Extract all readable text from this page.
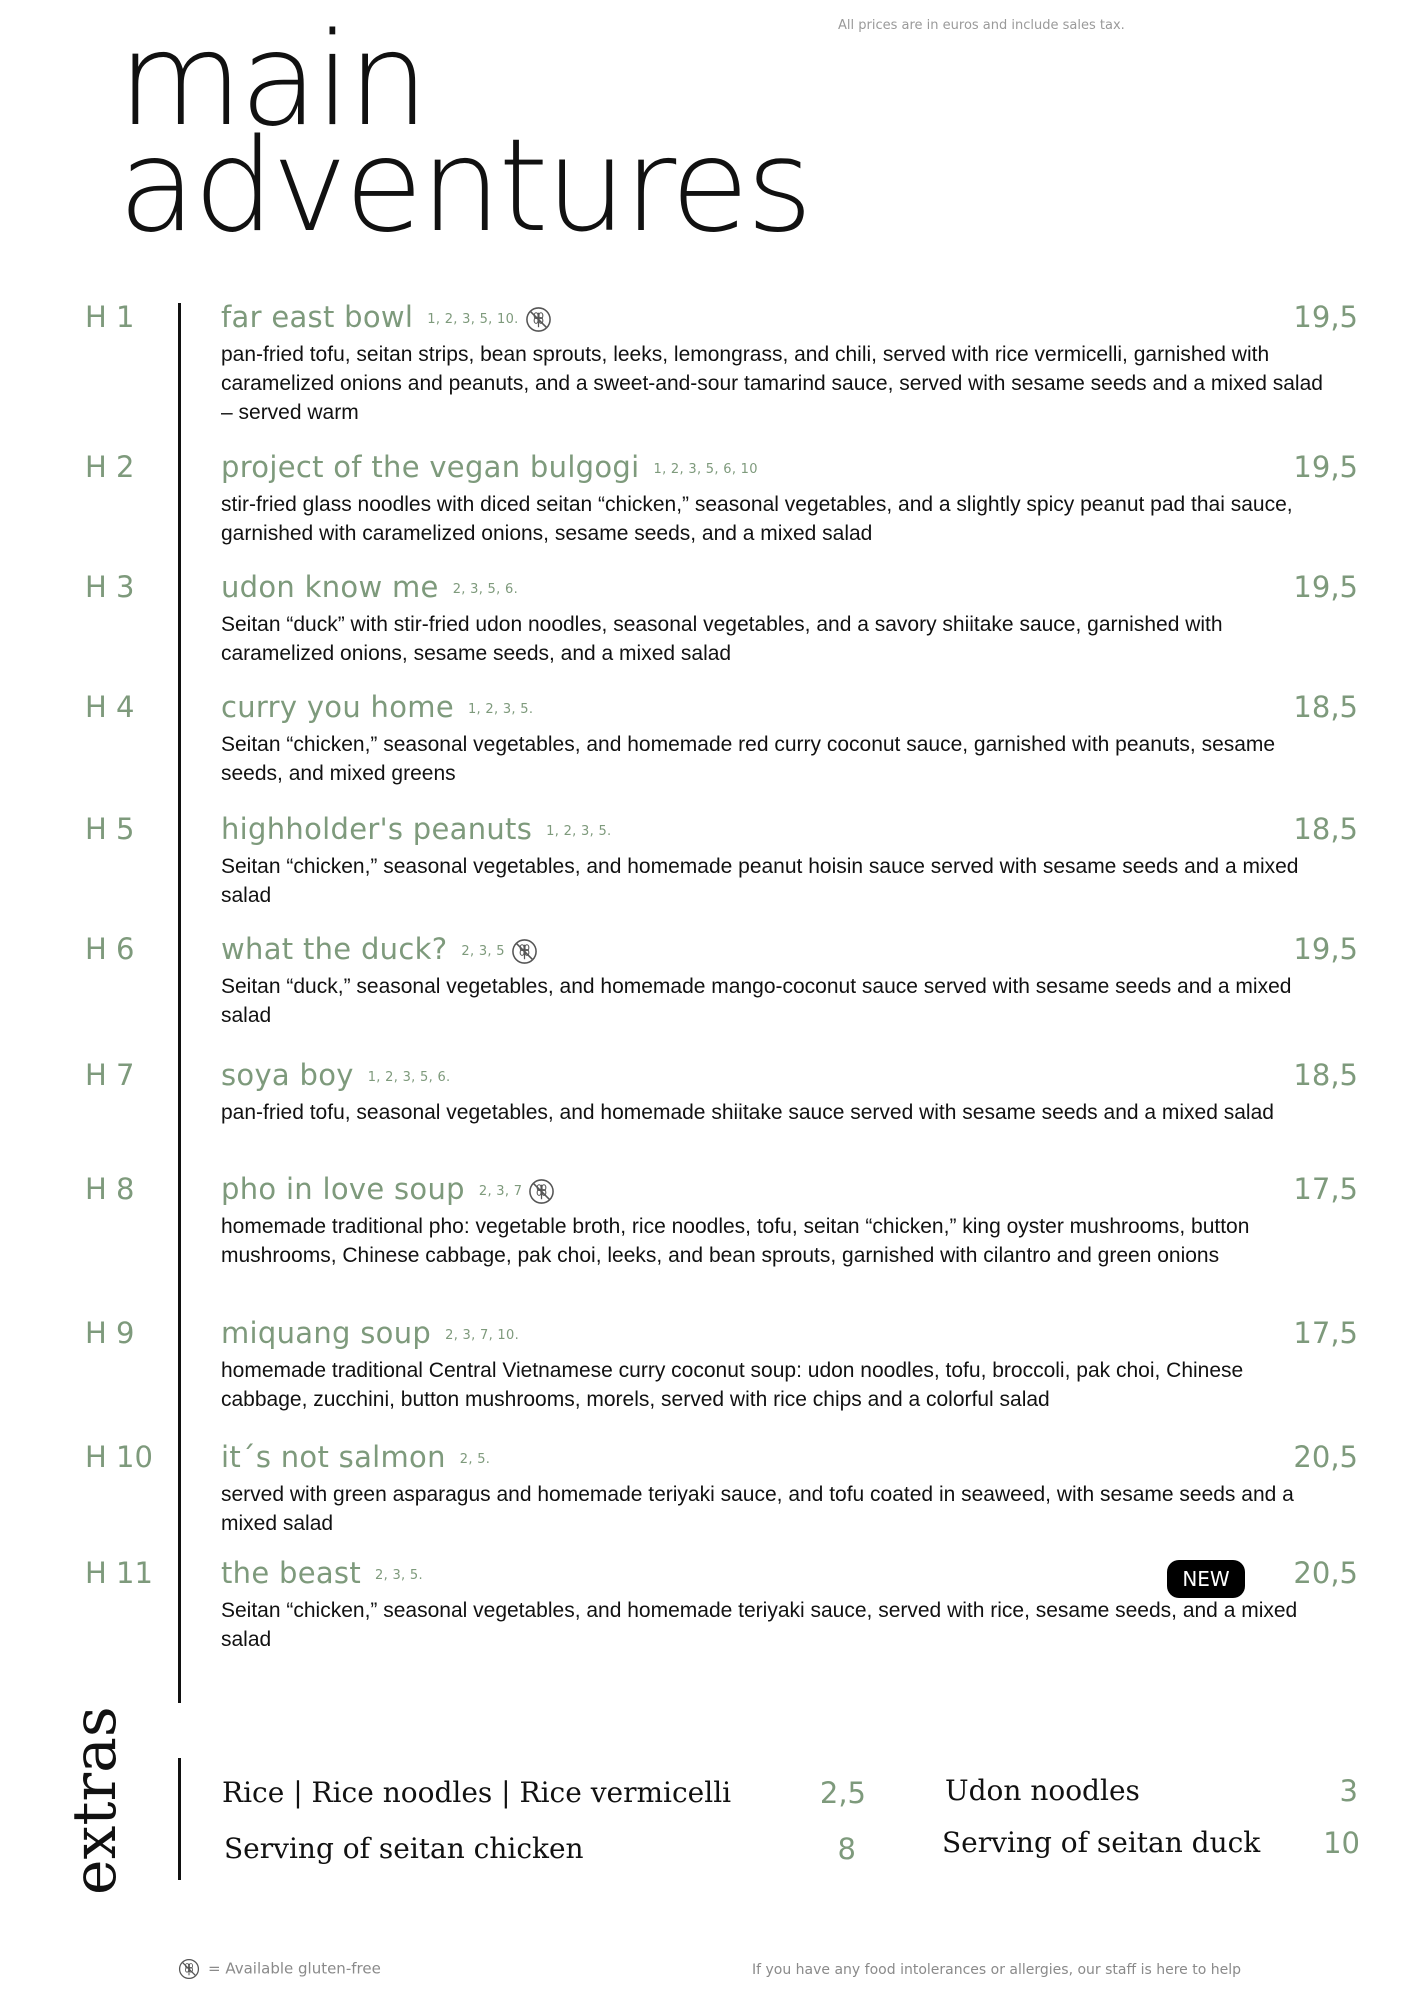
All prices are in euros and include sales tax.
main
adventures
H 1	far east bowl 1, 2, 3, 5, 10.	19,5
pan-fried tofu, seitan strips, bean sprouts, leeks, lemongrass, and chili, served with rice vermicelli, garnished with caramelized onions and peanuts, and a sweet-and-sour tamarind sauce, served with sesame seeds and a mixed salad – served warm
H 2	project of the vegan bulgogi 1, 2, 3, 5, 6, 10	19,5
stir-fried glass noodles with diced seitan “chicken,” seasonal vegetables, and a slightly spicy peanut pad thai sauce, garnished with caramelized onions, sesame seeds, and a mixed salad
H 3	udon know me 2, 3, 5, 6.	19,5
Seitan “duck” with stir-fried udon noodles, seasonal vegetables, and a savory shiitake sauce, garnished with caramelized onions, sesame seeds, and a mixed salad
H 4	curry you home 1, 2, 3, 5.	18,5
Seitan “chicken,” seasonal vegetables, and homemade red curry coconut sauce, garnished with peanuts, sesame seeds, and mixed greens
H 5	highholder's peanuts 1, 2, 3, 5.	18,5
Seitan “chicken,” seasonal vegetables, and homemade peanut hoisin sauce served with sesame seeds and a mixed salad
H 6	what the duck? 2, 3, 5	19,5
Seitan “duck,” seasonal vegetables, and homemade mango-coconut sauce served with sesame seeds and a mixed salad
H 7	soya boy 1, 2, 3, 5, 6.	18,5
pan-fried tofu, seasonal vegetables, and homemade shiitake sauce served with sesame seeds and a mixed salad
H 8	pho in love soup 2, 3, 7	17,5
homemade traditional pho: vegetable broth, rice noodles, tofu, seitan “chicken,” king oyster mushrooms, button mushrooms, Chinese cabbage, pak choi, leeks, and bean sprouts, garnished with cilantro and green onions
H 9	miquang soup 2, 3, 7, 10.	17,5
homemade traditional Central Vietnamese curry coconut soup: udon noodles, tofu, broccoli, pak choi, Chinese cabbage, zucchini, button mushrooms, morels, served with rice chips and a colorful salad
H 10 it´s not salmon 2, 5.	20,5
served with green asparagus and homemade teriyaki sauce, and tofu coated in seaweed, with sesame seeds and a mixed salad
H 11 the beast 2, 3, 5.	NEW	20,5
Seitan “chicken,” seasonal vegetables, and homemade teriyaki sauce, served with rice, sesame seeds, and a mixed salad
extras	Rice | Rice noodles | Rice vermicelli	2,5
Serving of seitan chicken	8
Udon noodles	3
Serving of seitan duck	10
= Available gluten-free	If you have any food intolerances or allergies, our staff is here to help
